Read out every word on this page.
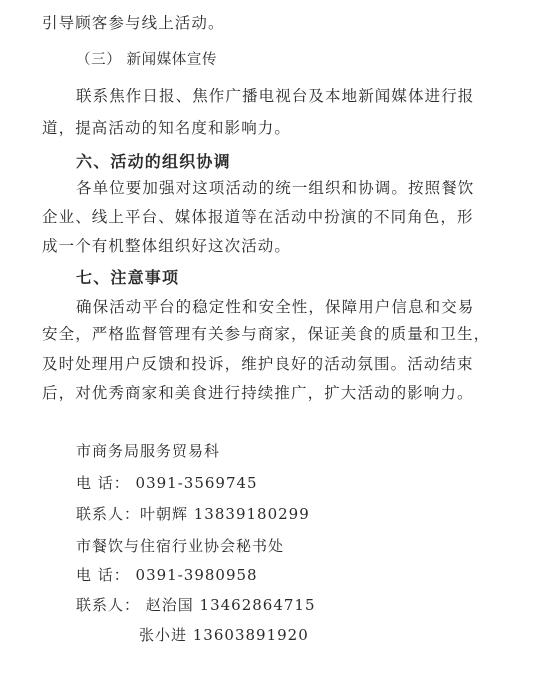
引导顾客参与线上活动。
（三） 新闻媒体宣传
联系焦作日报、焦作广播电视台及本地新闻媒体进行报
道，提高活动的知名度和影响力。
六、活动的组织协调
各单位要加强对这项活动的统一组织和协调。按照餐饮
企业、线上平台、媒体报道等在活动中扮演的不同角色，形
成一个有机整体组织好这次活动。
七、注意事项
确保活动平台的稳定性和安全性，保障用户信息和交易
安全，严格监督管理有关参与商家，保证美食的质量和卫生，
及时处理用户反馈和投诉，维护良好的活动氛围。活动结束
后，对优秀商家和美食进行持续推广，扩大活动的影响力。
市商务局服务贸易科
电 话： 0391-3569745
联系人：叶朝辉 13839180299
市餐饮与住宿行业协会秘书处
电 话： 0391-3980958
联系人： 赵治国 13462864715
张小进 13603891920
